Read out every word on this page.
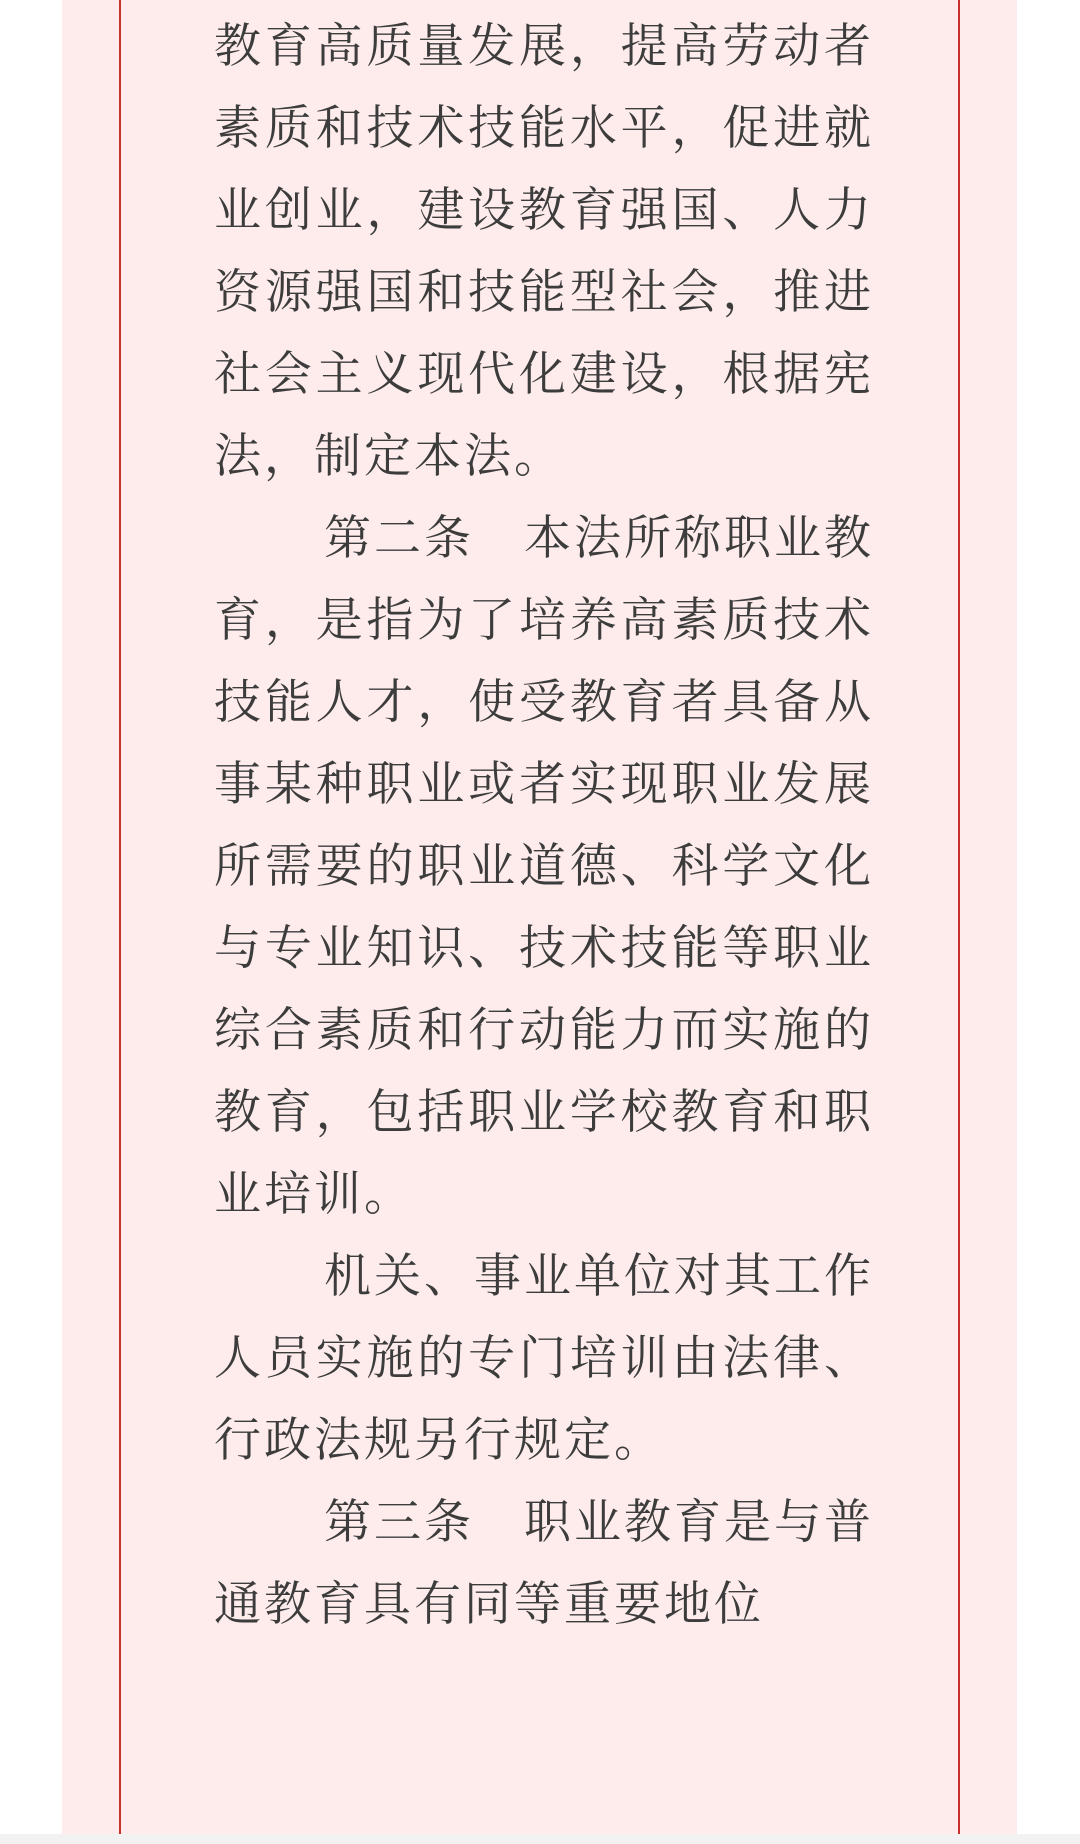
教育高质量发展，提高劳动者素质和技术技能水平，促进就业创业，建设教育强国、人力资源强国和技能型社会，推进社会主义现代化建设，根据宪法，制定本法。

第二条　本法所称职业教育，是指为了培养高素质技术技能人才，使受教育者具备从事某种职业或者实现职业发展所需要的职业道德、科学文化与专业知识、技术技能等职业综合素质和行动能力而实施的教育，包括职业学校教育和职业培训。

机关、事业单位对其工作人员实施的专门培训由法律、行政法规另行规定。

第三条　职业教育是与普通教育具有同等重要地位
